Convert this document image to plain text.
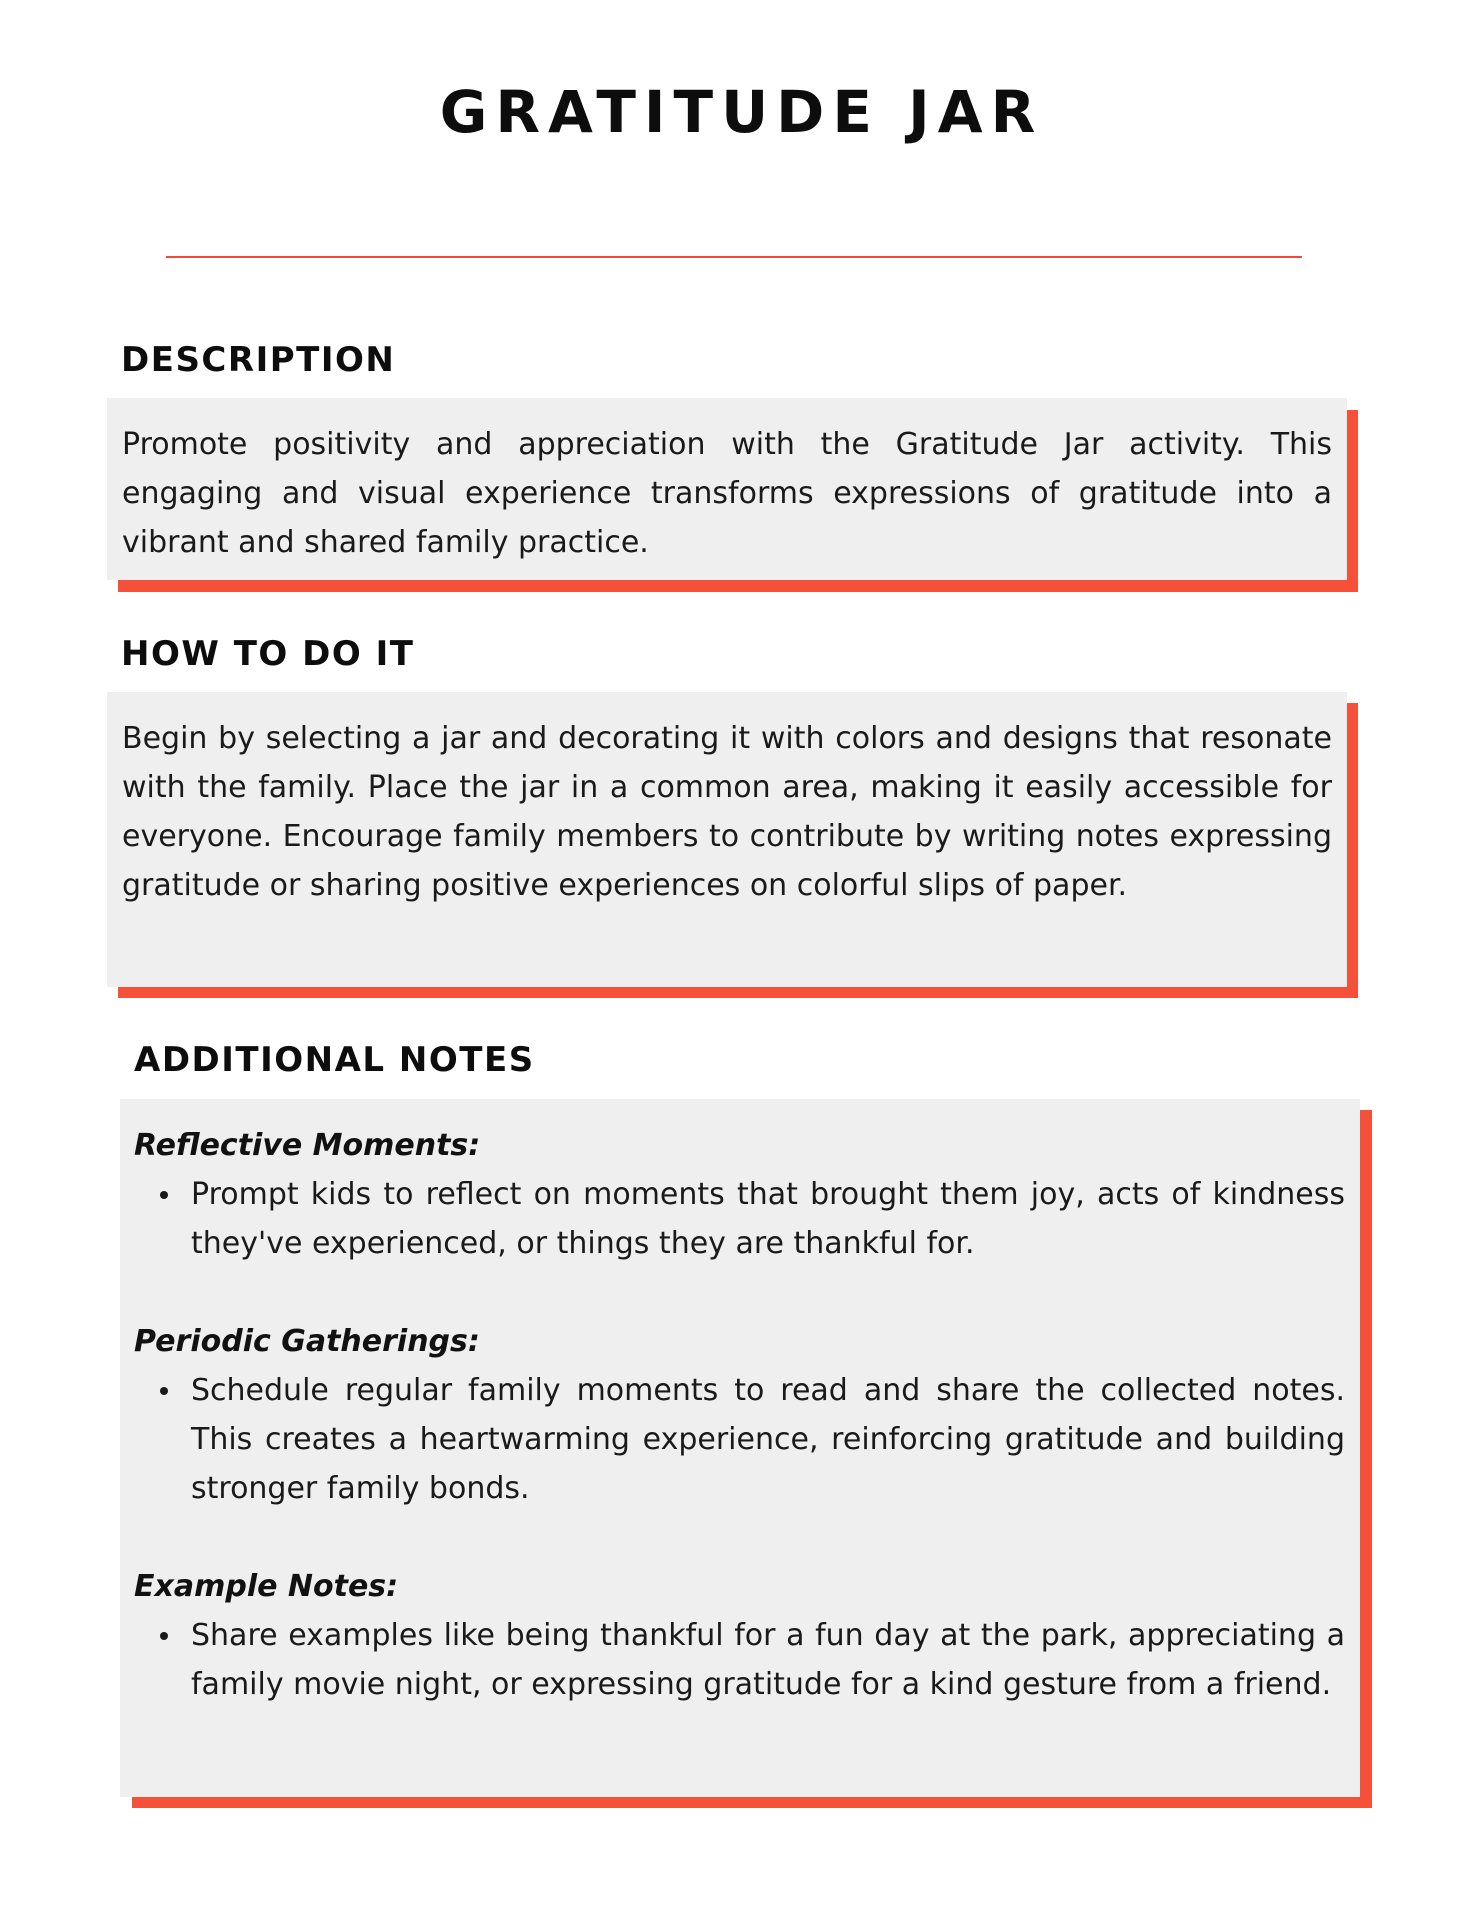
GRATITUDE JAR
DESCRIPTION

Promote positivity and appreciation with the Gratitude Jar activity. This engaging and visual experience transforms expressions of gratitude into a vibrant and shared family practice.

HOW TO DO IT

Begin by selecting a jar and decorating it with colors and designs that resonate with the family. Place the jar in a common area, making it easily accessible for everyone. Encourage family members to contribute by writing notes expressing gratitude or sharing positive experiences on colorful slips of paper.

ADDITIONAL NOTES
Reflective Moments:
Prompt kids to reflect on moments that brought them joy, acts of kindness they've experienced, or things they are thankful for.
Periodic Gatherings:
Schedule regular family moments to read and share the collected notes. This creates a heartwarming experience, reinforcing gratitude and building stronger family bonds.
Example Notes:
Share examples like being thankful for a fun day at the park, appreciating a family movie night, or expressing gratitude for a kind gesture from a friend.
